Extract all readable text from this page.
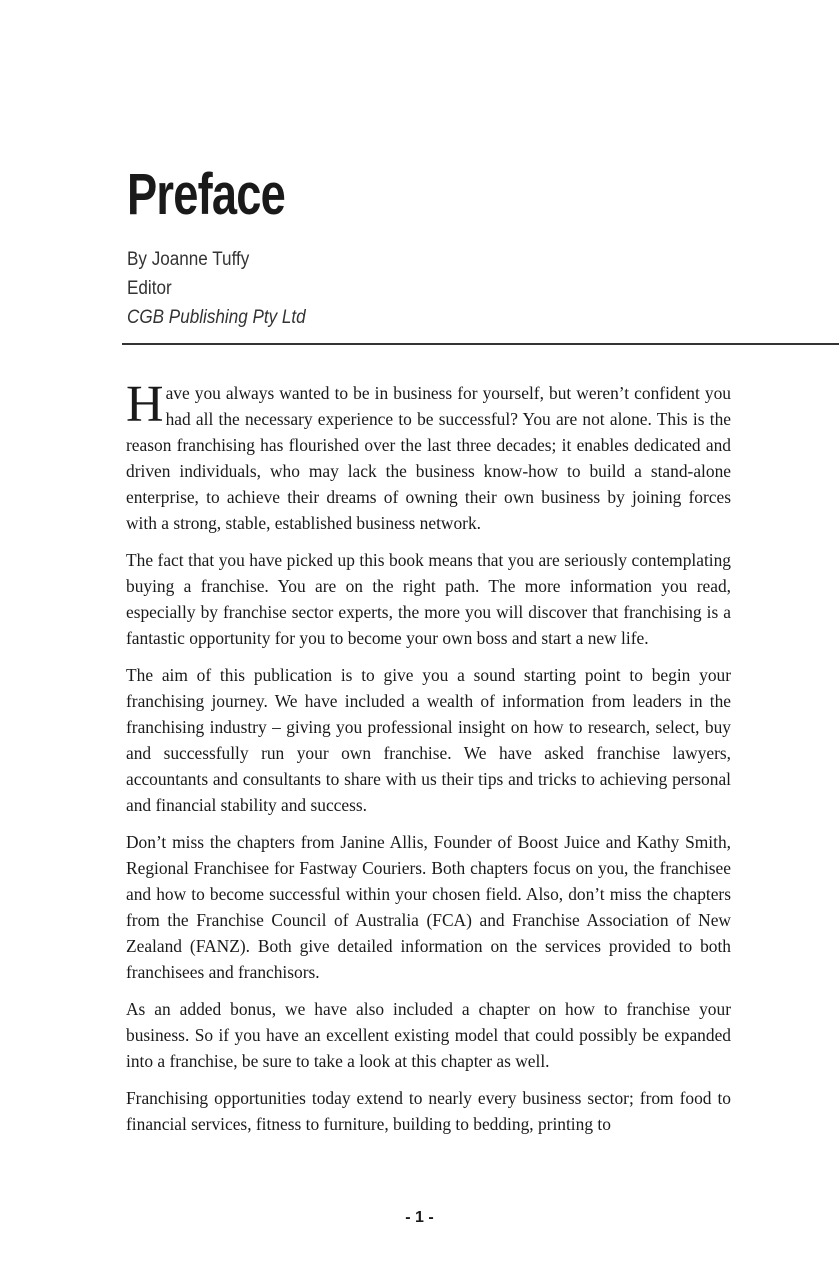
Preface
By Joanne Tuffy
Editor
CGB Publishing Pty Ltd

Have you always wanted to be in business for yourself, but weren’t confident you had all the necessary experience to be successful? You are not alone. This is the reason franchising has flourished over the last three decades; it enables dedicated and driven individuals, who may lack the business know-how to build a stand-alone enterprise, to achieve their dreams of owning their own business by joining forces with a strong, stable, established business network.

The fact that you have picked up this book means that you are seriously contemplating buying a franchise. You are on the right path. The more information you read, especially by franchise sector experts, the more you will discover that franchising is a fantastic opportunity for you to become your own boss and start a new life.

The aim of this publication is to give you a sound starting point to begin your franchising journey. We have included a wealth of information from leaders in the franchising industry – giving you professional insight on how to research, select, buy and successfully run your own franchise. We have asked franchise lawyers, accountants and consultants to share with us their tips and tricks to achieving personal and financial stability and success.

Don’t miss the chapters from Janine Allis, Founder of Boost Juice and Kathy Smith, Regional Franchisee for Fastway Couriers. Both chapters focus on you, the franchisee and how to become successful within your chosen field. Also, don’t miss the chapters from the Franchise Council of Australia (FCA) and Franchise Association of New Zealand (FANZ). Both give detailed information on the services provided to both franchisees and franchisors.

As an added bonus, we have also included a chapter on how to franchise your business. So if you have an excellent existing model that could possibly be expanded into a franchise, be sure to take a look at this chapter as well.

Franchising opportunities today extend to nearly every business sector; from food to financial services, fitness to furniture, building to bedding, printing to

- 1 -
